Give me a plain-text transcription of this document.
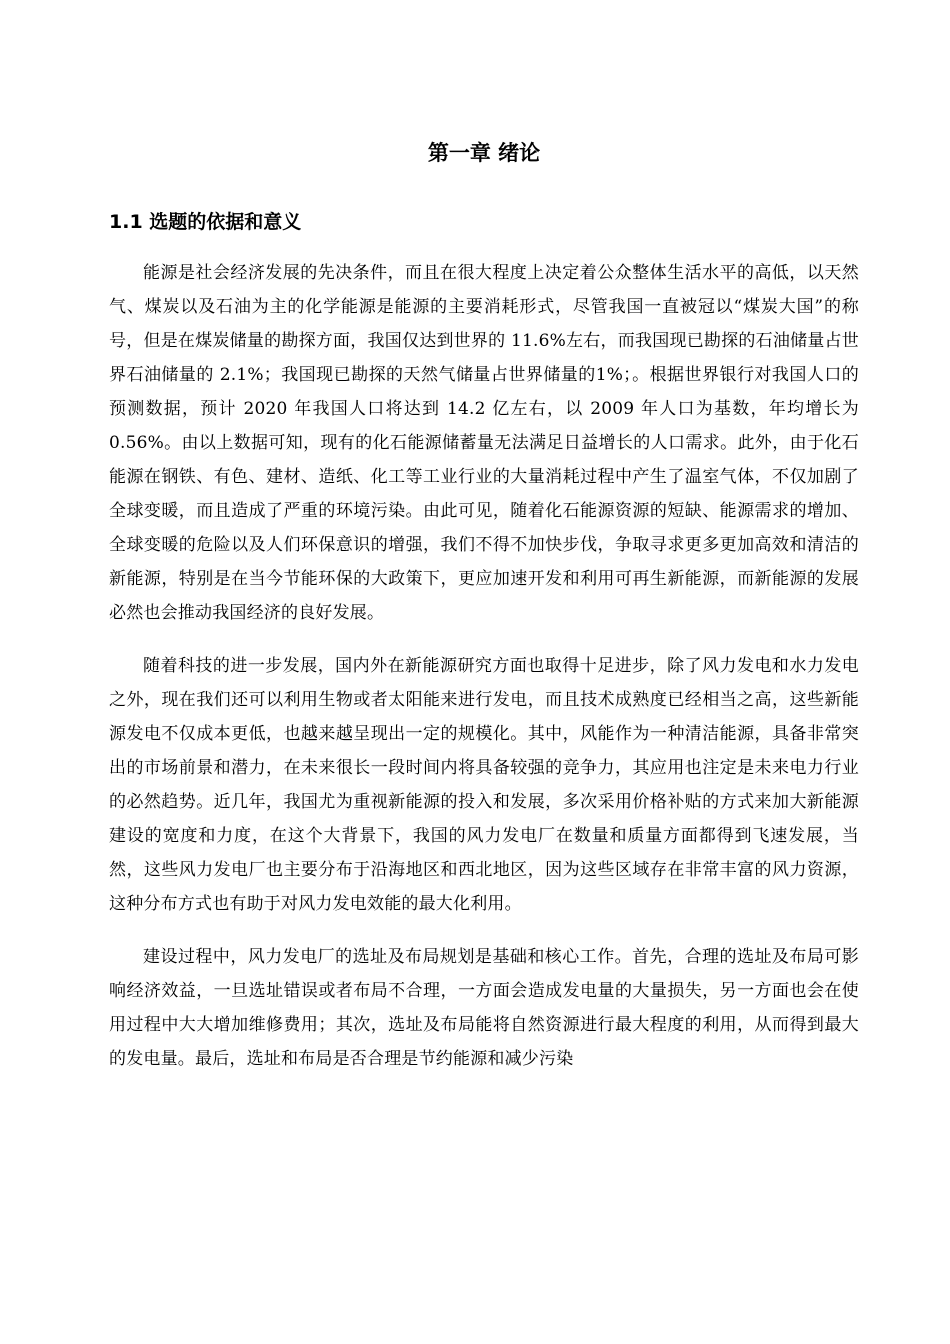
第一章 绪论
1.1 选题的依据和意义

能源是社会经济发展的先决条件，而且在很大程度上决定着公众整体生活水平的高低，以天然气、煤炭以及石油为主的化学能源是能源的主要消耗形式，尽管我国一直被冠以“煤炭大国”的称号，但是在煤炭储量的勘探方面，我国仅达到世界的 11.6%左右，而我国现已勘探的石油储量占世界石油储量的 2.1%；我国现已勘探的天然气储量占世界储量的1%；。根据世界银行对我国人口的预测数据，预计 2020 年我国人口将达到 14.2 亿左右，以 2009 年人口为基数，年均增长为 0.56%。由以上数据可知，现有的化石能源储蓄量无法满足日益增长的人口需求。此外，由于化石能源在钢铁、有色、建材、造纸、化工等工业行业的大量消耗过程中产生了温室气体，不仅加剧了全球变暖，而且造成了严重的环境污染。由此可见，随着化石能源资源的短缺、能源需求的增加、全球变暖的危险以及人们环保意识的增强，我们不得不加快步伐，争取寻求更多更加高效和清洁的新能源，特别是在当今节能环保的大政策下，更应加速开发和利用可再生新能源，而新能源的发展必然也会推动我国经济的良好发展。

随着科技的进一步发展，国内外在新能源研究方面也取得十足进步，除了风力发电和水力发电之外，现在我们还可以利用生物或者太阳能来进行发电，而且技术成熟度已经相当之高，这些新能源发电不仅成本更低，也越来越呈现出一定的规模化。其中，风能作为一种清洁能源，具备非常突出的市场前景和潜力，在未来很长一段时间内将具备较强的竞争力，其应用也注定是未来电力行业的必然趋势。近几年，我国尤为重视新能源的投入和发展，多次采用价格补贴的方式来加大新能源建设的宽度和力度，在这个大背景下，我国的风力发电厂在数量和质量方面都得到飞速发展，当然，这些风力发电厂也主要分布于沿海地区和西北地区，因为这些区域存在非常丰富的风力资源，这种分布方式也有助于对风力发电效能的最大化利用。

建设过程中，风力发电厂的选址及布局规划是基础和核心工作。首先，合理的选址及布局可影响经济效益，一旦选址错误或者布局不合理，一方面会造成发电量的大量损失，另一方面也会在使用过程中大大增加维修费用；其次，选址及布局能将自然资源进行最大程度的利用，从而得到最大的发电量。最后，选址和布局是否合理是节约能源和减少污染
